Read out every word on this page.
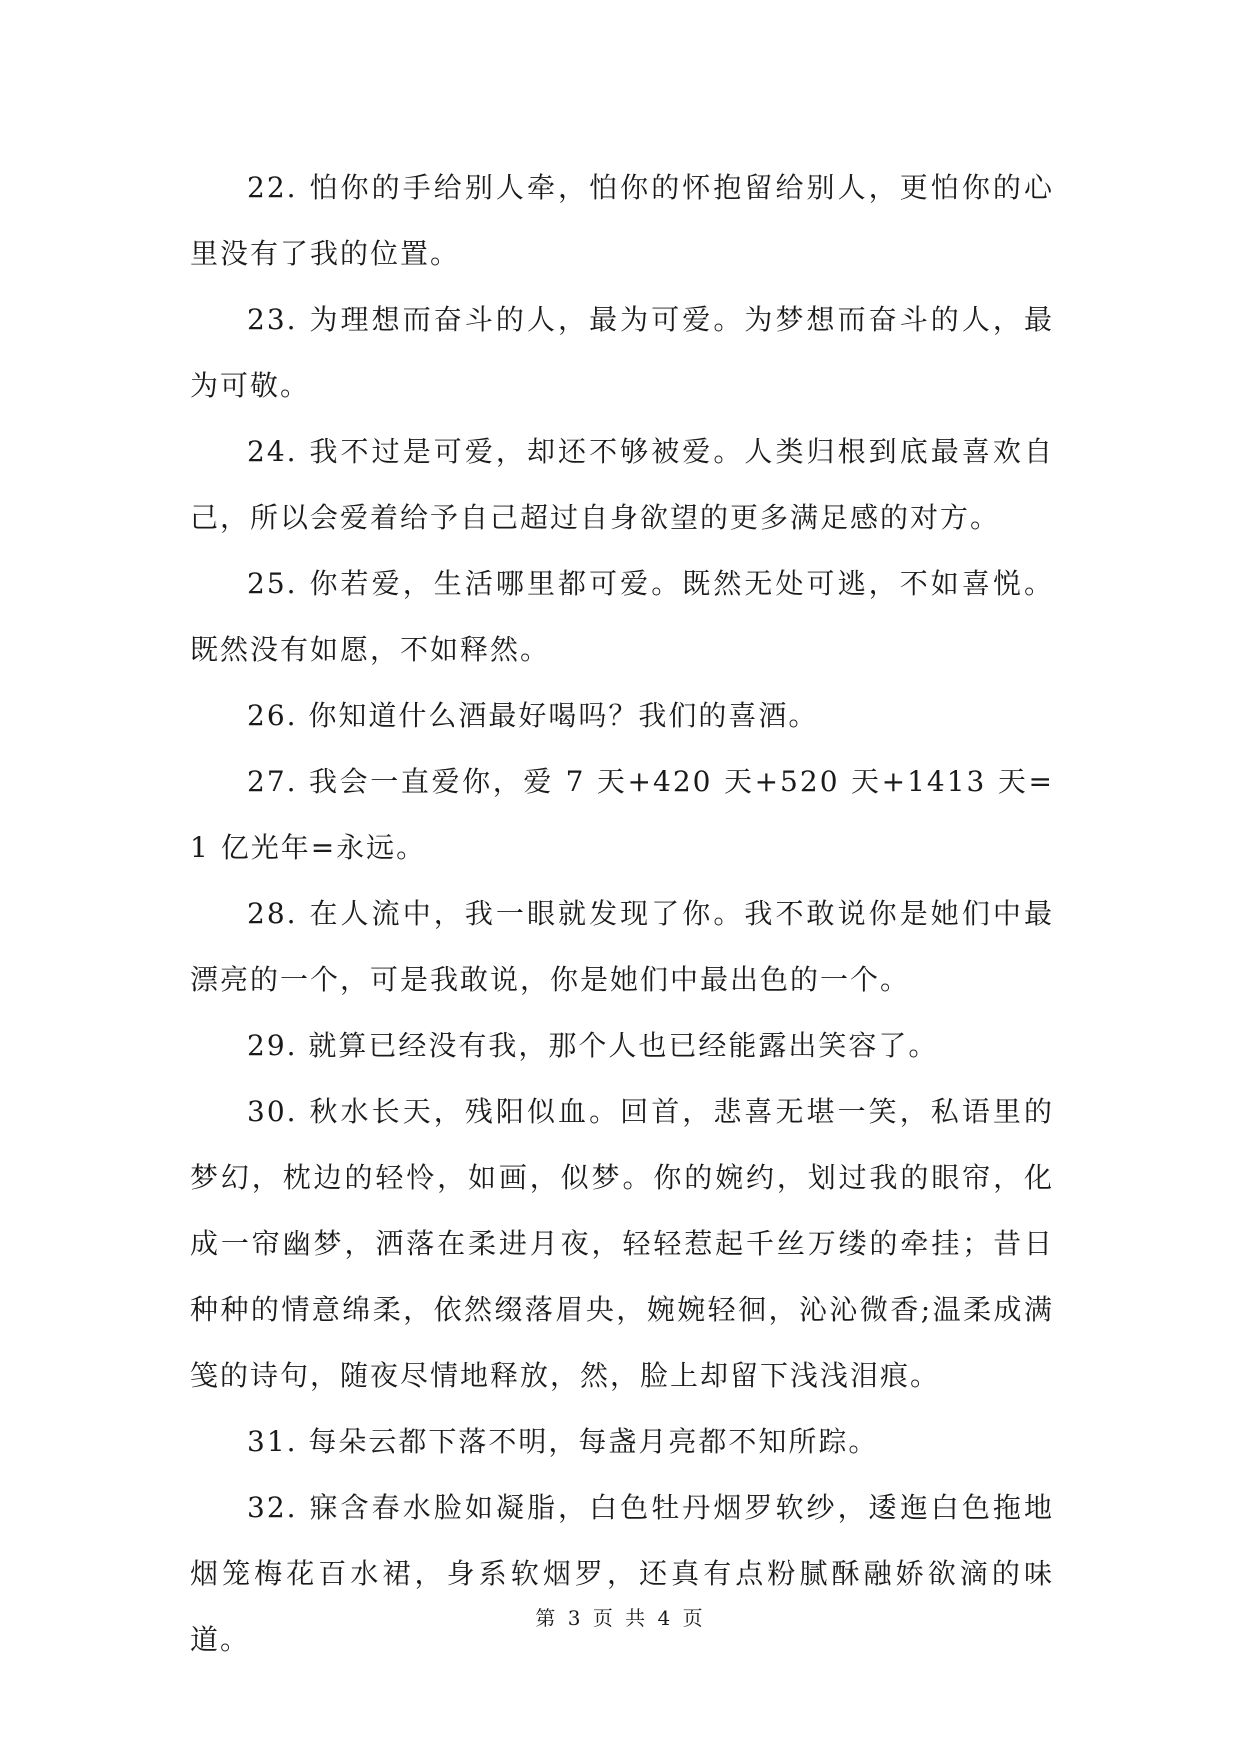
22. 怕你的手给别人牵，怕你的怀抱留给别人，更怕你的心里没有了我的位置。

23. 为理想而奋斗的人，最为可爱。为梦想而奋斗的人，最为可敬。

24. 我不过是可爱，却还不够被爱。人类归根到底最喜欢自己，所以会爱着给予自己超过自身欲望的更多满足感的对方。

25. 你若爱，生活哪里都可爱。既然无处可逃，不如喜悦。既然没有如愿，不如释然。

26. 你知道什么酒最好喝吗？我们的喜酒。

27. 我会一直爱你，爱 7 天+420 天+520 天+1413 天=1 亿光年=永远。

28. 在人流中，我一眼就发现了你。我不敢说你是她们中最漂亮的一个，可是我敢说，你是她们中最出色的一个。

29. 就算已经没有我，那个人也已经能露出笑容了。

30. 秋水长天，残阳似血。回首，悲喜无堪一笑，私语里的梦幻，枕边的轻怜，如画，似梦。你的婉约，划过我的眼帘，化成一帘幽梦，洒落在柔进月夜，轻轻惹起千丝万缕的牵挂；昔日种种的情意绵柔，依然缀落眉央，婉婉轻徊，沁沁微香;温柔成满笺的诗句，随夜尽情地释放，然，脸上却留下浅浅泪痕。

31. 每朵云都下落不明，每盏月亮都不知所踪。

32. 寐含春水脸如凝脂，白色牡丹烟罗软纱，逶迤白色拖地烟笼梅花百水裙，身系软烟罗，还真有点粉腻酥融娇欲滴的味道。

第 3 页 共 4 页
